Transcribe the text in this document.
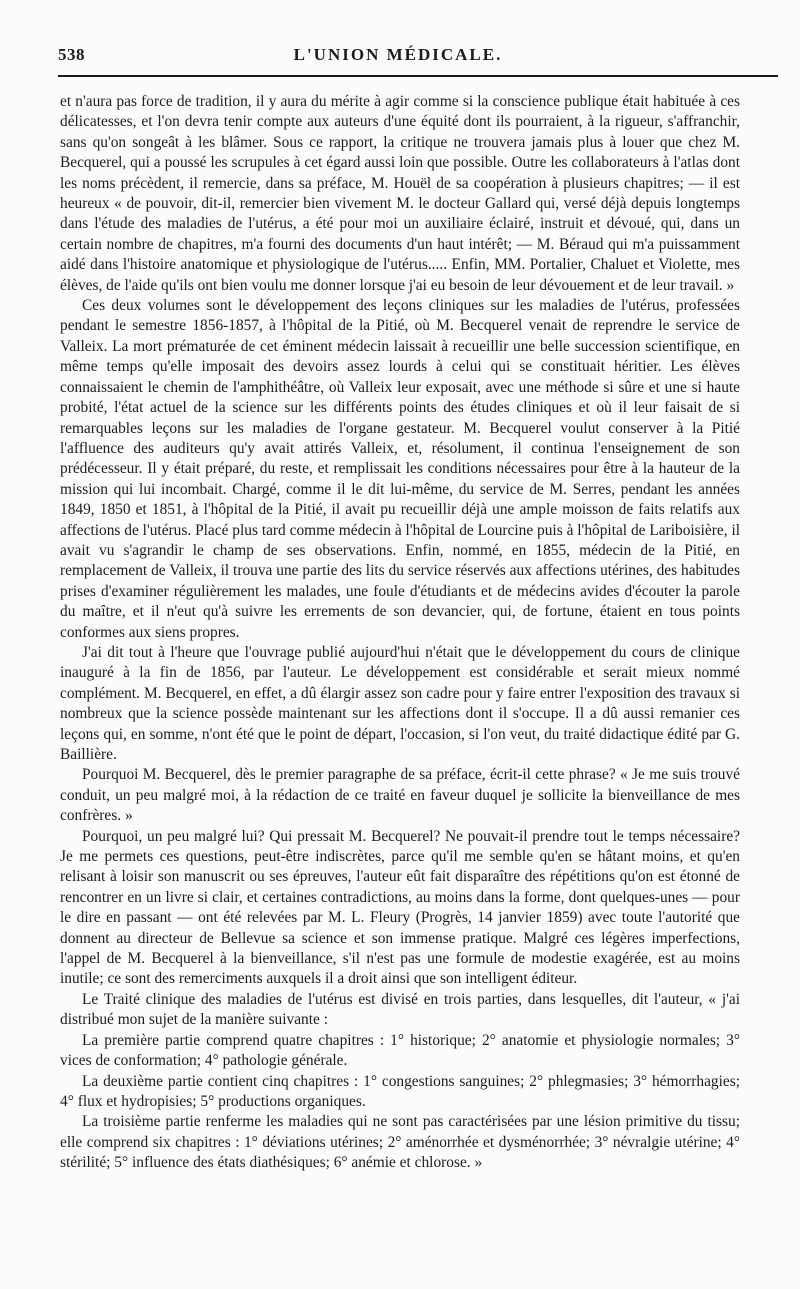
538	L'UNION MÉDICALE.

et n'aura pas force de tradition, il y aura du mérite à agir comme si la conscience publique était habituée à ces délicatesses, et l'on devra tenir compte aux auteurs d'une équité dont ils pourraient, à la rigueur, s'affranchir, sans qu'on songeât à les blâmer. Sous ce rapport, la critique ne trouvera jamais plus à louer que chez M. Becquerel, qui a poussé les scrupules à cet égard aussi loin que possible. Outre les collaborateurs à l'atlas dont les noms précèdent, il remercie, dans sa préface, M. Houël de sa coopération à plusieurs chapitres; — il est heureux « de pouvoir, dit-il, remercier bien vivement M. le docteur Gallard qui, versé déjà depuis longtemps dans l'étude des maladies de l'utérus, a été pour moi un auxiliaire éclairé, instruit et dévoué, qui, dans un certain nombre de chapitres, m'a fourni des documents d'un haut intérêt; — M. Béraud qui m'a puissamment aidé dans l'histoire anatomique et physiologique de l'utérus..... Enfin, MM. Portalier, Chaluet et Violette, mes élèves, de l'aide qu'ils ont bien voulu me donner lorsque j'ai eu besoin de leur dévouement et de leur travail. »

Ces deux volumes sont le développement des leçons cliniques sur les maladies de l'utérus, professées pendant le semestre 1856-1857, à l'hôpital de la Pitié, où M. Becquerel venait de reprendre le service de Valleix. La mort prématurée de cet éminent médecin laissait à recueillir une belle succession scientifique, en même temps qu'elle imposait des devoirs assez lourds à celui qui se constituait héritier. Les élèves connaissaient le chemin de l'amphithéâtre, où Valleix leur exposait, avec une méthode si sûre et une si haute probité, l'état actuel de la science sur les différents points des études cliniques et où il leur faisait de si remarquables leçons sur les maladies de l'organe gestateur. M. Becquerel voulut conserver à la Pitié l'affluence des auditeurs qu'y avait attirés Valleix, et, résolument, il continua l'enseignement de son prédécesseur. Il y était préparé, du reste, et remplissait les conditions nécessaires pour être à la hauteur de la mission qui lui incombait. Chargé, comme il le dit lui-même, du service de M. Serres, pendant les années 1849, 1850 et 1851, à l'hôpital de la Pitié, il avait pu recueillir déjà une ample moisson de faits relatifs aux affections de l'utérus. Placé plus tard comme médecin à l'hôpital de Lourcine puis à l'hôpital de Lariboisière, il avait vu s'agrandir le champ de ses observations. Enfin, nommé, en 1855, médecin de la Pitié, en remplacement de Valleix, il trouva une partie des lits du service réservés aux affections utérines, des habitudes prises d'examiner régulièrement les malades, une foule d'étudiants et de médecins avides d'écouter la parole du maître, et il n'eut qu'à suivre les errements de son devancier, qui, de fortune, étaient en tous points conformes aux siens propres.

J'ai dit tout à l'heure que l'ouvrage publié aujourd'hui n'était que le développement du cours de clinique inauguré à la fin de 1856, par l'auteur. Le développement est considérable et serait mieux nommé complément. M. Becquerel, en effet, a dû élargir assez son cadre pour y faire entrer l'exposition des travaux si nombreux que la science possède maintenant sur les affections dont il s'occupe. Il a dû aussi remanier ces leçons qui, en somme, n'ont été que le point de départ, l'occasion, si l'on veut, du traité didactique édité par G. Baillière.

Pourquoi M. Becquerel, dès le premier paragraphe de sa préface, écrit-il cette phrase? « Je me suis trouvé conduit, un peu malgré moi, à la rédaction de ce traité en faveur duquel je sollicite la bienveillance de mes confrères. »

Pourquoi, un peu malgré lui? Qui pressait M. Becquerel? Ne pouvait-il prendre tout le temps nécessaire? Je me permets ces questions, peut-être indiscrètes, parce qu'il me semble qu'en se hâtant moins, et qu'en relisant à loisir son manuscrit ou ses épreuves, l'auteur eût fait disparaître des répétitions qu'on est étonné de rencontrer en un livre si clair, et certaines contradictions, au moins dans la forme, dont quelques-unes — pour le dire en passant — ont été relevées par M. L. Fleury (Progrès, 14 janvier 1859) avec toute l'autorité que donnent au directeur de Bellevue sa science et son immense pratique. Malgré ces légères imperfections, l'appel de M. Becquerel à la bienveillance, s'il n'est pas une formule de modestie exagérée, est au moins inutile; ce sont des remerciments auxquels il a droit ainsi que son intelligent éditeur.

Le Traité clinique des maladies de l'utérus est divisé en trois parties, dans lesquelles, dit l'auteur, « j'ai distribué mon sujet de la manière suivante :

La première partie comprend quatre chapitres : 1° historique; 2° anatomie et physiologie normales; 3° vices de conformation; 4° pathologie générale.

La deuxième partie contient cinq chapitres : 1° congestions sanguines; 2° phlegmasies; 3° hémorrhagies; 4° flux et hydropisies; 5° productions organiques.

La troisième partie renferme les maladies qui ne sont pas caractérisées par une lésion primitive du tissu; elle comprend six chapitres : 1° déviations utérines; 2° aménorrhée et dysménorrhée; 3° névralgie utérine; 4° stérilité; 5° influence des états diathésiques; 6° anémie et chlorose. »
